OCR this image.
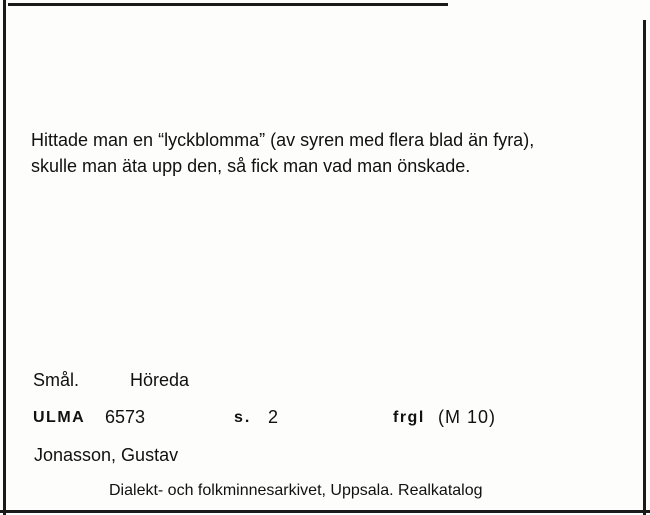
Hittade man en “lyckblomma” (av syren med flera blad än fyra),
skulle man äta upp den, så fick man vad man önskade.
Smål.	Höreda
ULMA 6573	s. 2	frgl (M 10)
Jonasson, Gustav
Dialekt- och folkminnesarkivet, Uppsala. Realkatalog
